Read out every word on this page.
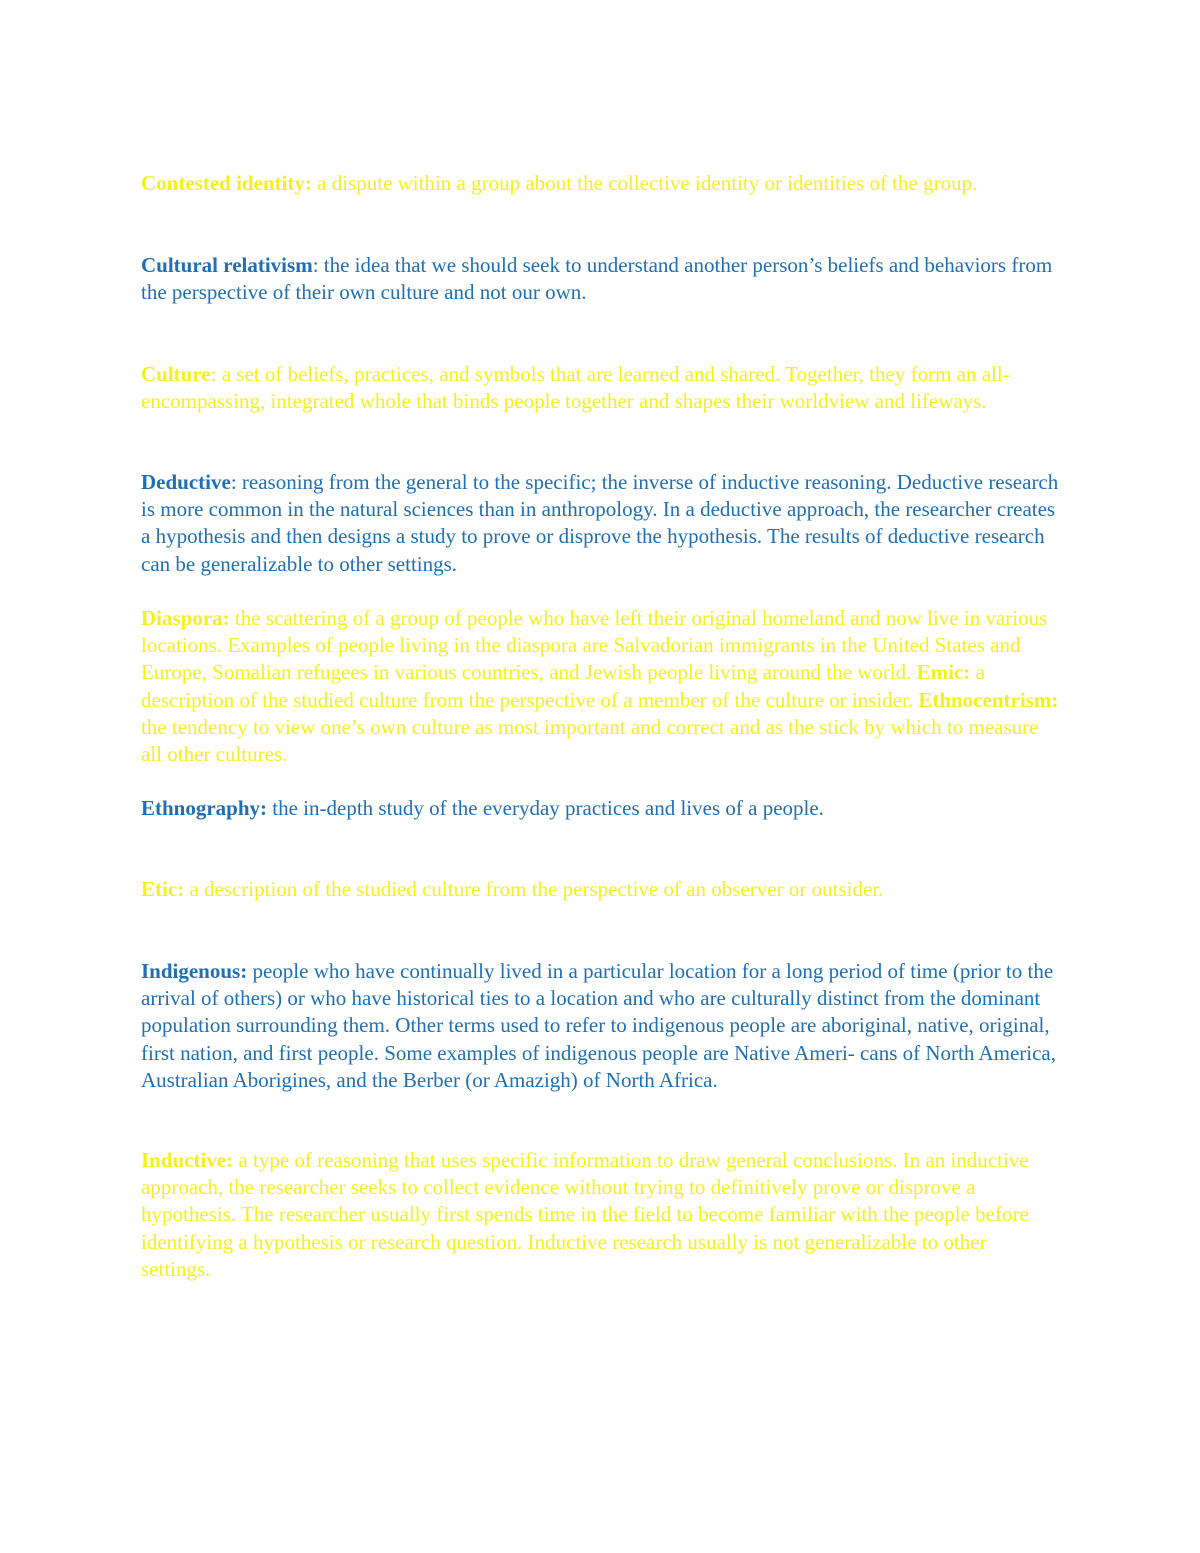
Contested identity: a dispute within a group about the collective identity or identities of the group.

Cultural relativism: the idea that we should seek to understand another person’s beliefs and behaviors from the perspective of their own culture and not our own.

Culture: a set of beliefs, practices, and symbols that are learned and shared. Together, they form an all- encompassing, integrated whole that binds people together and shapes their worldview and lifeways.

Deductive: reasoning from the general to the specific; the inverse of inductive reasoning. Deductive research is more common in the natural sciences than in anthropology. In a deductive approach, the researcher creates a hypothesis and then designs a study to prove or disprove the hypothesis. The results of deductive research can be generalizable to other settings.

Diaspora: the scattering of a group of people who have left their original homeland and now live in various locations. Examples of people living in the diaspora are Salvadorian immigrants in the United States and Europe, Somalian refugees in various countries, and Jewish people living around the world. Emic: a description of the studied culture from the perspective of a member of the culture or insider. Ethnocentrism: the tendency to view one’s own culture as most important and correct and as the stick by which to measure all other cultures.

Ethnography: the in-depth study of the everyday practices and lives of a people.

Etic: a description of the studied culture from the perspective of an observer or outsider.

Indigenous: people who have continually lived in a particular location for a long period of time (prior to the arrival of others) or who have historical ties to a location and who are culturally distinct from the dominant population surrounding them. Other terms used to refer to indigenous people are aboriginal, native, original, first nation, and first people. Some examples of indigenous people are Native Ameri- cans of North America, Australian Aborigines, and the Berber (or Amazigh) of North Africa.

Inductive: a type of reasoning that uses specific information to draw general conclusions. In an inductive approach, the researcher seeks to collect evidence without trying to definitively prove or disprove a hypothesis. The researcher usually first spends time in the field to become familiar with the people before identifying a hypothesis or research question. Inductive research usually is not generalizable to other settings.
